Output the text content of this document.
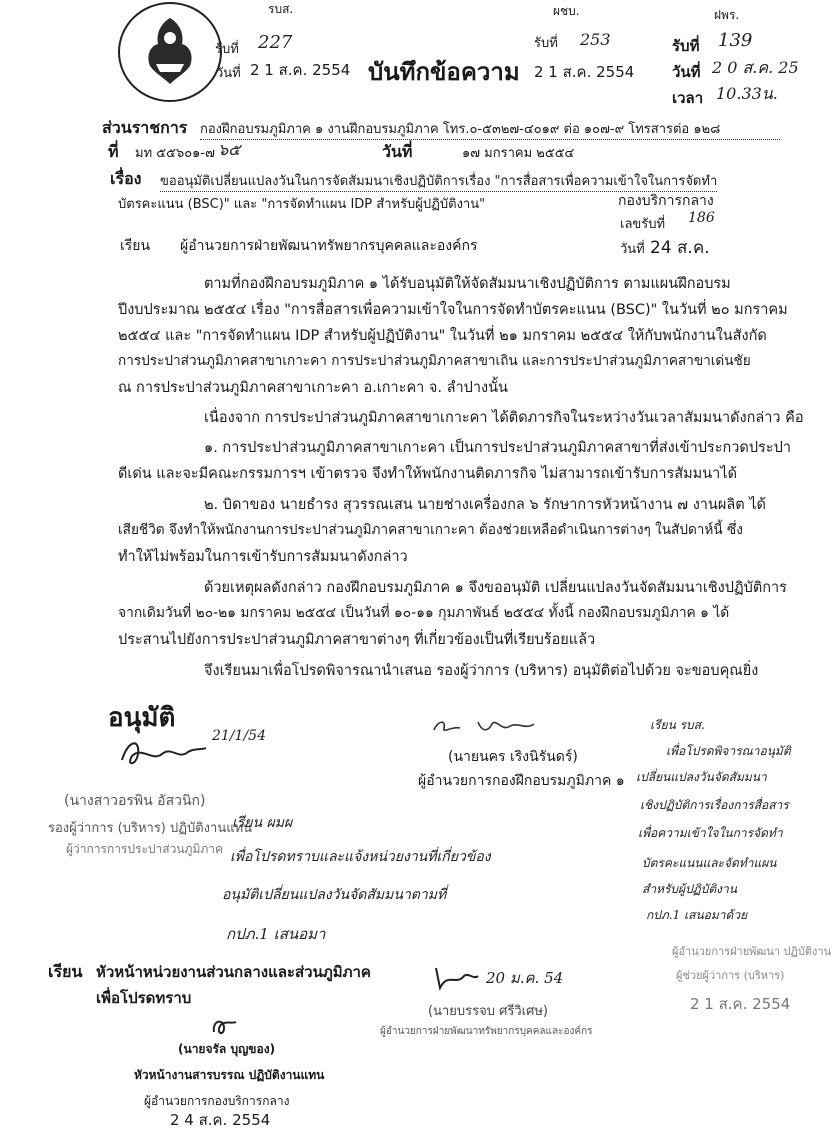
รบส.
รับที่ 227
วันที่ 2 1 ส.ค. 2554 บันทึกข้อความ
ผชบ.
รับที่ 253
2 1 ส.ค. 2554
ฝพร.
รับที่ 139
วันที่ 2 0 ส.ค. 25
เวลา 10.33น.
ส่วนราชการ กองฝึกอบรมภูมิภาค ๑ งานฝึกอบรมภูมิภาค โทร.๐-๕๓๒๗-๔๐๑๙ ต่อ ๑๐๗-๙ โทรสารต่อ ๑๒๘
ที่ มท ๕๕๖๐๑-๗ ๖๕	วันที่	๑๗ มกราคม ๒๕๕๔
เรื่อง ขออนุมัติเปลี่ยนแปลงวันในการจัดสัมมนาเชิงปฏิบัติการเรื่อง "การสื่อสารเพื่อความเข้าใจในการจัดทำ
บัตรคะแนน (BSC)" และ "การจัดทำแผน IDP สำหรับผู้ปฏิบัติงาน"
เรียน ผู้อำนวยการฝ่ายพัฒนาทรัพยากรบุคคลและองค์กร
กองบริการกลาง
เลขรับที่ 186
วันที่ 24 ส.ค.
ตามที่กองฝึกอบรมภูมิภาค ๑ ได้รับอนุมัติให้จัดสัมมนาเชิงปฏิบัติการ ตามแผนฝึกอบรม
ปีงบประมาณ ๒๕๕๔ เรื่อง "การสื่อสารเพื่อความเข้าใจในการจัดทำบัตรคะแนน (BSC)" ในวันที่ ๒๐ มกราคม
๒๕๕๔ และ "การจัดทำแผน IDP สำหรับผู้ปฏิบัติงาน" ในวันที่ ๒๑ มกราคม ๒๕๕๔ ให้กับพนักงานในสังกัด
การประปาส่วนภูมิภาคสาขาเกาะคา การประปาส่วนภูมิภาคสาขาเถิน และการประปาส่วนภูมิภาคสาขาเด่นชัย
ณ การประปาส่วนภูมิภาคสาขาเกาะคา อ.เกาะคา จ. ลำปางนั้น
เนื่องจาก การประปาส่วนภูมิภาคสาขาเกาะคา ได้ติดภารกิจในระหว่างวันเวลาสัมมนาดังกล่าว คือ
๑. การประปาส่วนภูมิภาคสาขาเกาะคา เป็นการประปาส่วนภูมิภาคสาขาที่ส่งเข้าประกวดประปา
ดีเด่น และจะมีคณะกรรมการฯ เข้าตรวจ จึงทำให้พนักงานติดภารกิจ ไม่สามารถเข้ารับการสัมมนาได้
๒. บิดาของ นายธำรง สุวรรณเสน นายช่างเครื่องกล ๖ รักษาการหัวหน้างาน ๗ งานผลิต ได้
เสียชีวิต จึงทำให้พนักงานการประปาส่วนภูมิภาคสาขาเกาะคา ต้องช่วยเหลือดำเนินการต่างๆ ในสัปดาห์นี้ ซึ่ง
ทำให้ไม่พร้อมในการเข้ารับการสัมมนาดังกล่าว
ด้วยเหตุผลดังกล่าว กองฝึกอบรมภูมิภาค ๑ จึงขออนุมัติ เปลี่ยนแปลงวันจัดสัมมนาเชิงปฏิบัติการ
จากเดิมวันที่ ๒๐-๒๑ มกราคม ๒๕๕๔ เป็นวันที่ ๑๐-๑๑ กุมภาพันธ์ ๒๕๕๔ ทั้งนี้ กองฝึกอบรมภูมิภาค ๑ ได้
ประสานไปยังการประปาส่วนภูมิภาคสาขาต่างๆ ที่เกี่ยวข้องเป็นที่เรียบร้อยแล้ว
จึงเรียนมาเพื่อโปรดพิจารณานำเสนอ รองผู้ว่าการ (บริหาร) อนุมัติต่อไปด้วย จะขอบคุณยิ่ง
อนุมัติ
21/1/54
(นางสาวอรพิน อัสวนิก)
รองผู้ว่าการ (บริหาร) ปฏิบัติงานแทน
ผู้ว่าการการประปาส่วนภูมิภาค
(นายนคร เริงนิรันดร์)
ผู้อำนวยการกองฝึกอบรมภูมิภาค ๑
เรียน ผมผ
เพื่อโปรดทราบและแจ้งหน่วยงานที่เกี่ยวข้อง
อนุมัติเปลี่ยนแปลงวันจัดสัมมนาตามที่
กปภ.1 เสนอมา
เรียน รบส.
เพื่อโปรดพิจารณาอนุมัติ
เปลี่ยนแปลงวันจัดสัมมนา
เชิงปฏิบัติการเรื่องการสื่อสาร
เพื่อความเข้าใจในการจัดทำ
บัตรคะแนนและจัดทำแผน
สำหรับผู้ปฏิบัติงาน
กปภ.1 เสนอมาด้วย
ผู้อำนวยการฝ่ายพัฒนา ปฏิบัติงาน
ผู้ช่วยผู้ว่าการ (บริหาร)
2 1 ส.ค. 2554
20 ม.ค. 54
(นายบรรจบ ศรีวิเศษ)
ผู้อำนวยการฝ่ายพัฒนาทรัพยากรบุคคลและองค์กร
เรียน หัวหน้าหน่วยงานส่วนกลางและส่วนภูมิภาค
เพื่อโปรดทราบ
(นายจรัล บุญของ)
หัวหน้างานสารบรรณ ปฏิบัติงานแทน
ผู้อำนวยการกองบริการกลาง
2 4 ส.ค. 2554
